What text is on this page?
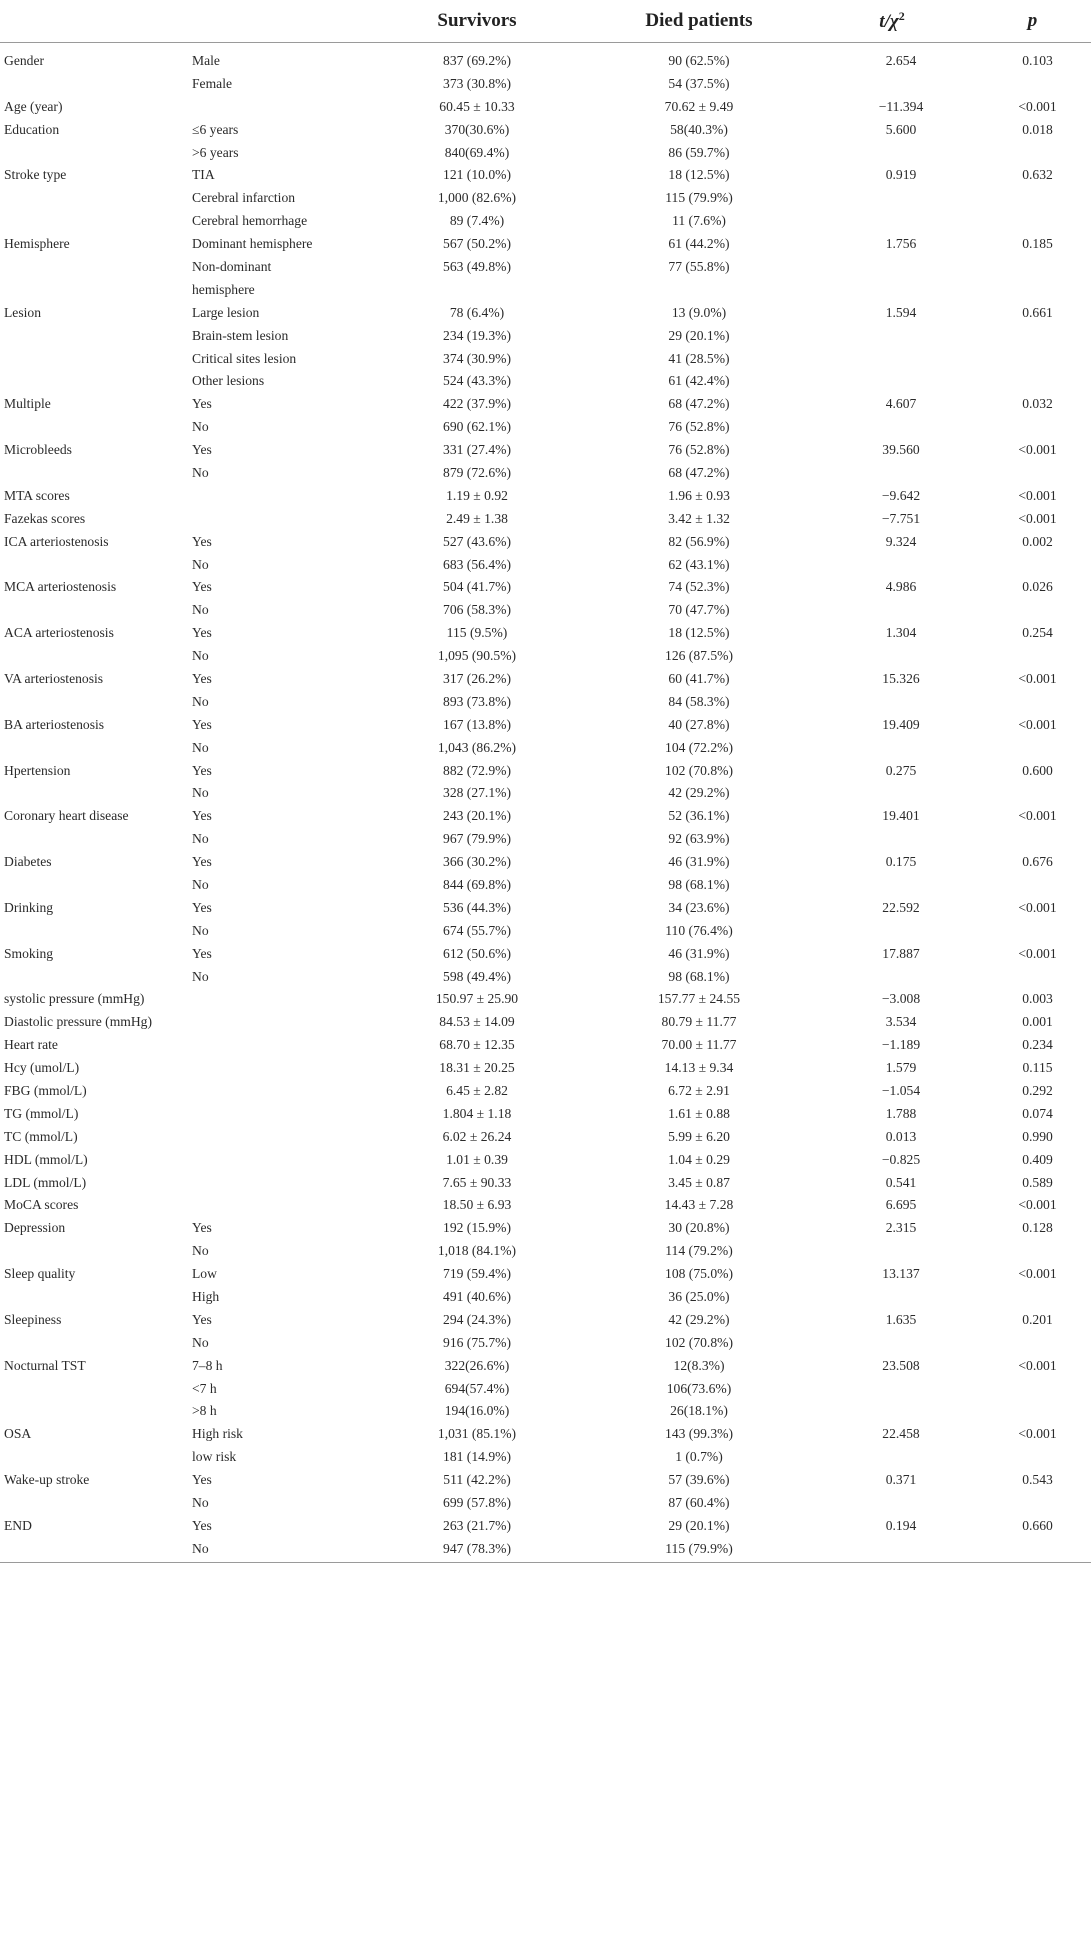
		Survivors	Died patients	$t/\chi^2$	p
Gender	Male	837 (69.2%)	90 (62.5%)	2.654	0.103
	Female	373 (30.8%)	54 (37.5%)		
Age (year)		60.45 ± 10.33	70.62 ± 9.49	−11.394	<0.001
Education	≤6 years	370(30.6%)	58(40.3%)	5.600	0.018
	>6 years	840(69.4%)	86 (59.7%)		
Stroke type	TIA	121 (10.0%)	18 (12.5%)	0.919	0.632
	Cerebral infarction	1,000 (82.6%)	115 (79.9%)		
	Cerebral hemorrhage	89 (7.4%)	11 (7.6%)		
Hemisphere	Dominant hemisphere	567 (50.2%)	61 (44.2%)	1.756	0.185
	Non-dominant	563 (49.8%)	77 (55.8%)		
	hemisphere				
Lesion	Large lesion	78 (6.4%)	13 (9.0%)	1.594	0.661
	Brain-stem lesion	234 (19.3%)	29 (20.1%)		
	Critical sites lesion	374 (30.9%)	41 (28.5%)		
	Other lesions	524 (43.3%)	61 (42.4%)		
Multiple	Yes	422 (37.9%)	68 (47.2%)	4.607	0.032
	No	690 (62.1%)	76 (52.8%)		
Microbleeds	Yes	331 (27.4%)	76 (52.8%)	39.560	<0.001
	No	879 (72.6%)	68 (47.2%)		
MTA scores		1.19 ± 0.92	1.96 ± 0.93	−9.642	<0.001
Fazekas scores		2.49 ± 1.38	3.42 ± 1.32	−7.751	<0.001
ICA arteriostenosis	Yes	527 (43.6%)	82 (56.9%)	9.324	0.002
	No	683 (56.4%)	62 (43.1%)		
MCA arteriostenosis	Yes	504 (41.7%)	74 (52.3%)	4.986	0.026
	No	706 (58.3%)	70 (47.7%)		
ACA arteriostenosis	Yes	115 (9.5%)	18 (12.5%)	1.304	0.254
	No	1,095 (90.5%)	126 (87.5%)		
VA arteriostenosis	Yes	317 (26.2%)	60 (41.7%)	15.326	<0.001
	No	893 (73.8%)	84 (58.3%)		
BA arteriostenosis	Yes	167 (13.8%)	40 (27.8%)	19.409	<0.001
	No	1,043 (86.2%)	104 (72.2%)		
Hpertension	Yes	882 (72.9%)	102 (70.8%)	0.275	0.600
	No	328 (27.1%)	42 (29.2%)		
Coronary heart disease	Yes	243 (20.1%)	52 (36.1%)	19.401	<0.001
	No	967 (79.9%)	92 (63.9%)		
Diabetes	Yes	366 (30.2%)	46 (31.9%)	0.175	0.676
	No	844 (69.8%)	98 (68.1%)		
Drinking	Yes	536 (44.3%)	34 (23.6%)	22.592	<0.001
	No	674 (55.7%)	110 (76.4%)		
Smoking	Yes	612 (50.6%)	46 (31.9%)	17.887	<0.001
	No	598 (49.4%)	98 (68.1%)		
systolic pressure (mmHg)		150.97 ± 25.90	157.77 ± 24.55	−3.008	0.003
Diastolic pressure (mmHg)		84.53 ± 14.09	80.79 ± 11.77	3.534	0.001
Heart rate		68.70 ± 12.35	70.00 ± 11.77	−1.189	0.234
Hcy (umol/L)		18.31 ± 20.25	14.13 ± 9.34	1.579	0.115
FBG (mmol/L)		6.45 ± 2.82	6.72 ± 2.91	−1.054	0.292
TG (mmol/L)		1.804 ± 1.18	1.61 ± 0.88	1.788	0.074
TC (mmol/L)		6.02 ± 26.24	5.99 ± 6.20	0.013	0.990
HDL (mmol/L)		1.01 ± 0.39	1.04 ± 0.29	−0.825	0.409
LDL (mmol/L)		7.65 ± 90.33	3.45 ± 0.87	0.541	0.589
MoCA scores		18.50 ± 6.93	14.43 ± 7.28	6.695	<0.001
Depression	Yes	192 (15.9%)	30 (20.8%)	2.315	0.128
	No	1,018 (84.1%)	114 (79.2%)		
Sleep quality	Low	719 (59.4%)	108 (75.0%)	13.137	<0.001
	High	491 (40.6%)	36 (25.0%)		
Sleepiness	Yes	294 (24.3%)	42 (29.2%)	1.635	0.201
	No	916 (75.7%)	102 (70.8%)		
Nocturnal TST	7–8 h	322(26.6%)	12(8.3%)	23.508	<0.001
	<7 h	694(57.4%)	106(73.6%)		
	>8 h	194(16.0%)	26(18.1%)		
OSA	High risk	1,031 (85.1%)	143 (99.3%)	22.458	<0.001
	low risk	181 (14.9%)	1 (0.7%)		
Wake-up stroke	Yes	511 (42.2%)	57 (39.6%)	0.371	0.543
	No	699 (57.8%)	87 (60.4%)		
END	Yes	263 (21.7%)	29 (20.1%)	0.194	0.660
	No	947 (78.3%)	115 (79.9%)		
